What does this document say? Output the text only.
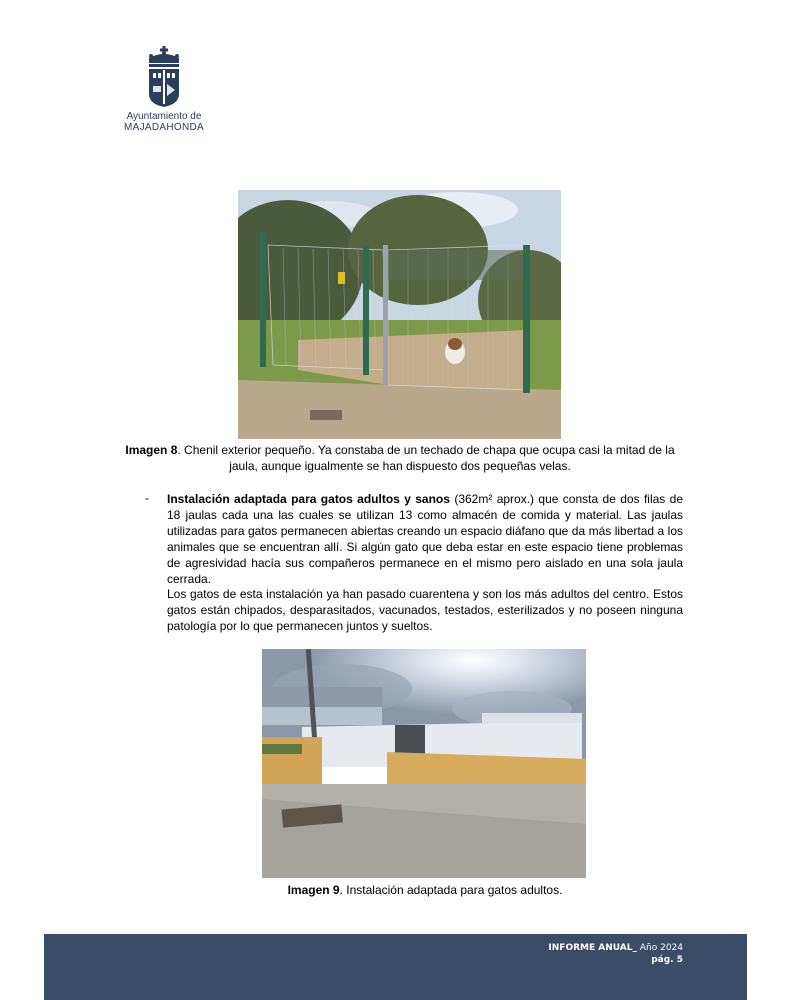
Ayuntamiento de
MAJADAHONDA
Imagen 8. Chenil exterior pequeño. Ya constaba de un techado de chapa que ocupa casi la mitad de la jaula, aunque igualmente se han dispuesto dos pequeñas velas.
- Instalación adaptada para gatos adultos y sanos (362m² aprox.) que consta de dos filas de 18 jaulas cada una las cuales se utilizan 13 como almacén de comida y material. Las jaulas utilizadas para gatos permanecen abiertas creando un espacio diáfano que da más libertad a los animales que se encuentran allí. Si algún gato que deba estar en este espacio tiene problemas de agresividad hacía sus compañeros permanece en el mismo pero aislado en una sola jaula cerrada.
Los gatos de esta instalación ya han pasado cuarentena y son los más adultos del centro. Estos gatos están chipados, desparasitados, vacunados, testados, esterilizados y no poseen ninguna patología por lo que permanecen juntos y sueltos.
Imagen 9. Instalación adaptada para gatos adultos.
INFORME ANUAL_ Año 2024
pág. 5
